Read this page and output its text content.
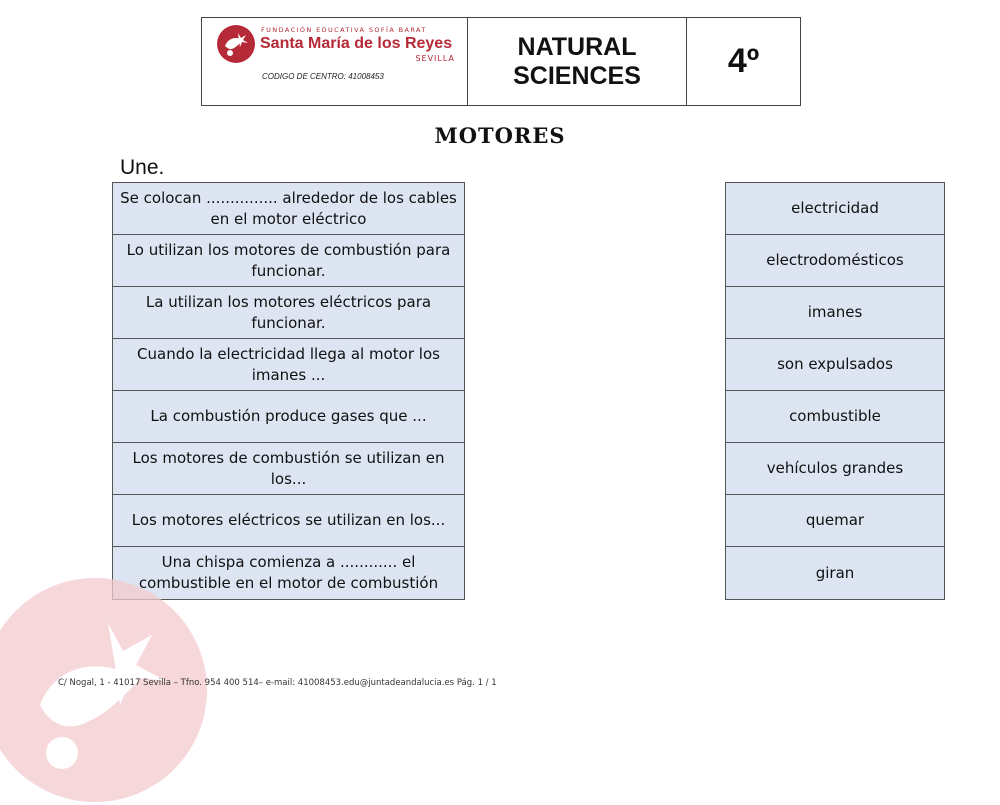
FUNDACIÓN EDUCATIVA SOFÍA BARAT
Santa María de los Reyes
SEVILLA
CODIGO DE CENTRO: 41008453
NATURAL SCIENCES	4º
MOTORES
Une.
Se colocan ............... alrededor de los cables en el motor eléctrico
Lo utilizan los motores de combustión para funcionar.
La utilizan los motores eléctricos para funcionar.
Cuando la electricidad llega al motor los imanes ...
La combustión produce gases que ...
Los motores de combustión se utilizan en los...
Los motores eléctricos se utilizan en los...
Una chispa comienza a ............ el combustible en el motor de combustión
electricidad
electrodomésticos
imanes
son expulsados
combustible
vehículos grandes
quemar
giran
C/ Nogal, 1 - 41017 Sevilla – Tfno. 954 400 514– e-mail: 41008453.edu@juntadeandalucia.es Pág. 1 / 1
